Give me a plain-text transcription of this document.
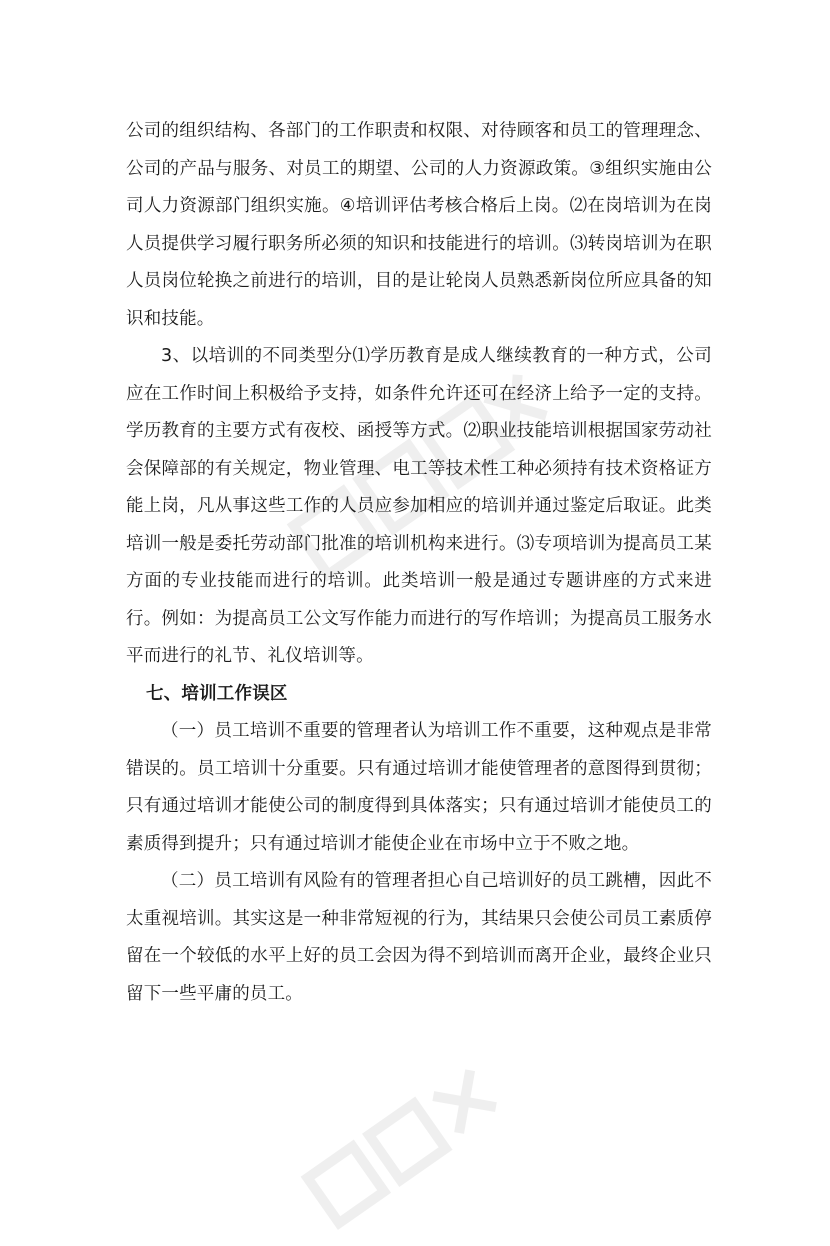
公司的组织结构、各部门的工作职责和权限、对待顾客和员工的管理理念、公司的产品与服务、对员工的期望、公司的人力资源政策。③组织实施由公司人力资源部门组织实施。④培训评估考核合格后上岗。⑵在岗培训为在岗人员提供学习履行职务所必须的知识和技能进行的培训。⑶转岗培训为在职人员岗位轮换之前进行的培训，目的是让轮岗人员熟悉新岗位所应具备的知识和技能。

3、以培训的不同类型分⑴学历教育是成人继续教育的一种方式，公司应在工作时间上积极给予支持，如条件允许还可在经济上给予一定的支持。学历教育的主要方式有夜校、函授等方式。⑵职业技能培训根据国家劳动社会保障部的有关规定，物业管理、电工等技术性工种必须持有技术资格证方能上岗，凡从事这些工作的人员应参加相应的培训并通过鉴定后取证。此类培训一般是委托劳动部门批准的培训机构来进行。⑶专项培训为提高员工某方面的专业技能而进行的培训。此类培训一般是通过专题讲座的方式来进行。例如：为提高员工公文写作能力而进行的写作培训；为提高员工服务水平而进行的礼节、礼仪培训等。

七、培训工作误区

（一）员工培训不重要的管理者认为培训工作不重要，这种观点是非常错误的。员工培训十分重要。只有通过培训才能使管理者的意图得到贯彻；只有通过培训才能使公司的制度得到具体落实；只有通过培训才能使员工的素质得到提升；只有通过培训才能使企业在市场中立于不败之地。

（二）员工培训有风险有的管理者担心自己培训好的员工跳槽，因此不太重视培训。其实这是一种非常短视的行为，其结果只会使公司员工素质停留在一个较低的水平上好的员工会因为得不到培训而离开企业，最终企业只留下一些平庸的员工。
